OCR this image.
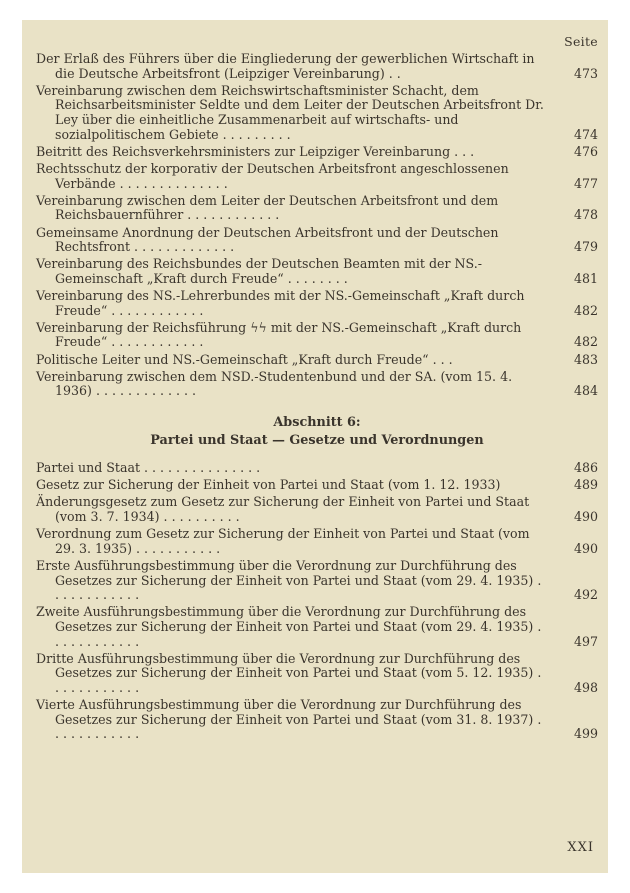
Seite
Der Erlaß des Führers über die Eingliederung der gewerblichen Wirtschaft in die Deutsche Arbeitsfront (Leipziger Vereinbarung) . .	473
Vereinbarung zwischen dem Reichswirtschaftsminister Schacht, dem Reichsarbeitsminister Seldte und dem Leiter der Deutschen Arbeitsfront Dr. Ley über die einheitliche Zusammenarbeit auf wirtschafts- und sozialpolitischem Gebiete . . . . . . . . .	474
Beitritt des Reichsverkehrsministers zur Leipziger Vereinbarung . . .	476
Rechtsschutz der korporativ der Deutschen Arbeitsfront angeschlossenen Verbände . . . . . . . . . . . . . .	477
Vereinbarung zwischen dem Leiter der Deutschen Arbeitsfront und dem Reichsbauernführer . . . . . . . . . . . .	478
Gemeinsame Anordnung der Deutschen Arbeitsfront und der Deutschen Rechtsfront . . . . . . . . . . . . .	479
Vereinbarung des Reichsbundes der Deutschen Beamten mit der NS.-Gemeinschaft „Kraft durch Freude“ . . . . . . . .	481
Vereinbarung des NS.-Lehrerbundes mit der NS.-Gemeinschaft „Kraft durch Freude“ . . . . . . . . . . . .	482
Vereinbarung der Reichsführung ϟϟ mit der NS.-Gemeinschaft „Kraft durch Freude“ . . . . . . . . . . . .	482
Politische Leiter und NS.-Gemeinschaft „Kraft durch Freude“ . . .	483
Vereinbarung zwischen dem NSD.-Studentenbund und der SA. (vom 15. 4. 1936) . . . . . . . . . . . . .	484
Abschnitt 6:
Partei und Staat — Gesetze und Verordnungen
Partei und Staat . . . . . . . . . . . . . . .	486
Gesetz zur Sicherung der Einheit von Partei und Staat (vom 1. 12. 1933)	489
Änderungsgesetz zum Gesetz zur Sicherung der Einheit von Partei und Staat (vom 3. 7. 1934) . . . . . . . . . .	490
Verordnung zum Gesetz zur Sicherung der Einheit von Partei und Staat (vom 29. 3. 1935) . . . . . . . . . . .	490
Erste Ausführungsbestimmung über die Verordnung zur Durchführung des Gesetzes zur Sicherung der Einheit von Partei und Staat (vom 29. 4. 1935) . . . . . . . . . . . .	492
Zweite Ausführungsbestimmung über die Verordnung zur Durchführung des Gesetzes zur Sicherung der Einheit von Partei und Staat (vom 29. 4. 1935) . . . . . . . . . . . .	497
Dritte Ausführungsbestimmung über die Verordnung zur Durchführung des Gesetzes zur Sicherung der Einheit von Partei und Staat (vom 5. 12. 1935) . . . . . . . . . . . .	498
Vierte Ausführungsbestimmung über die Verordnung zur Durchführung des Gesetzes zur Sicherung der Einheit von Partei und Staat (vom 31. 8. 1937) . . . . . . . . . . . .	499
XXI
